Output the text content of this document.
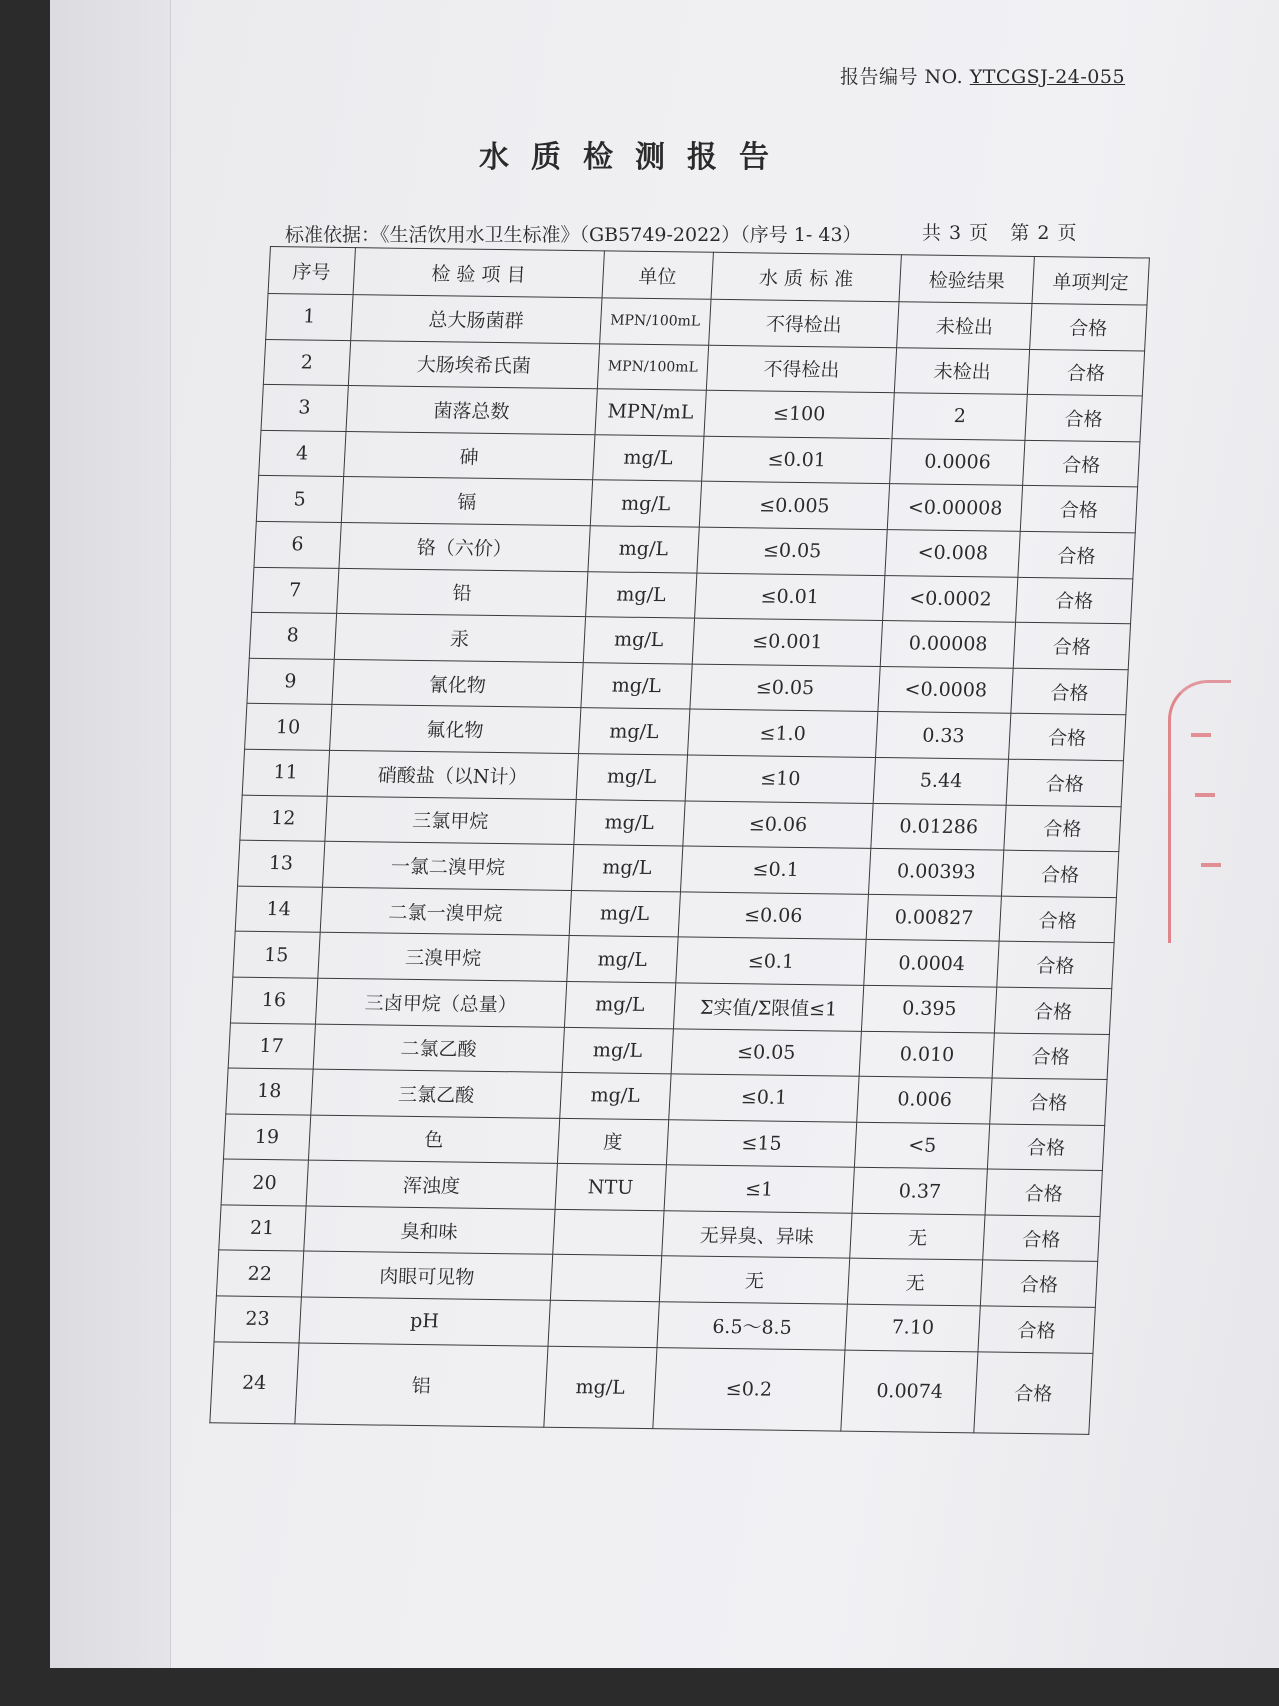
报告编号 NO. YTCGSJ-24-055
水质检测报告
标准依据：《生活饮用水卫生标准》（GB5749-2022）（序号 1- 43）	共 3 页   第 2 页
序号	检 验 项 目	单位	水 质 标 准	检验结果	单项判定
1	总大肠菌群	MPN/100mL	不得检出	未检出	合格
2	大肠埃希氏菌	MPN/100mL	不得检出	未检出	合格
3	菌落总数	MPN/mL	≤100	2	合格
4	砷	mg/L	≤0.01	0.0006	合格
5	镉	mg/L	≤0.005	<0.00008	合格
6	铬（六价）	mg/L	≤0.05	<0.008	合格
7	铅	mg/L	≤0.01	<0.0002	合格
8	汞	mg/L	≤0.001	0.00008	合格
9	氰化物	mg/L	≤0.05	<0.0008	合格
10	氟化物	mg/L	≤1.0	0.33	合格
11	硝酸盐（以N计）	mg/L	≤10	5.44	合格
12	三氯甲烷	mg/L	≤0.06	0.01286	合格
13	一氯二溴甲烷	mg/L	≤0.1	0.00393	合格
14	二氯一溴甲烷	mg/L	≤0.06	0.00827	合格
15	三溴甲烷	mg/L	≤0.1	0.0004	合格
16	三卤甲烷（总量）	mg/L	Σ实值/Σ限值≤1	0.395	合格
17	二氯乙酸	mg/L	≤0.05	0.010	合格
18	三氯乙酸	mg/L	≤0.1	0.006	合格
19	色	度	≤15	<5	合格
20	浑浊度	NTU	≤1	0.37	合格
21	臭和味		无异臭、异味	无	合格
22	肉眼可见物		无	无	合格
23	pH		6.5～8.5	7.10	合格
24	铝	mg/L	≤0.2	0.0074	合格
